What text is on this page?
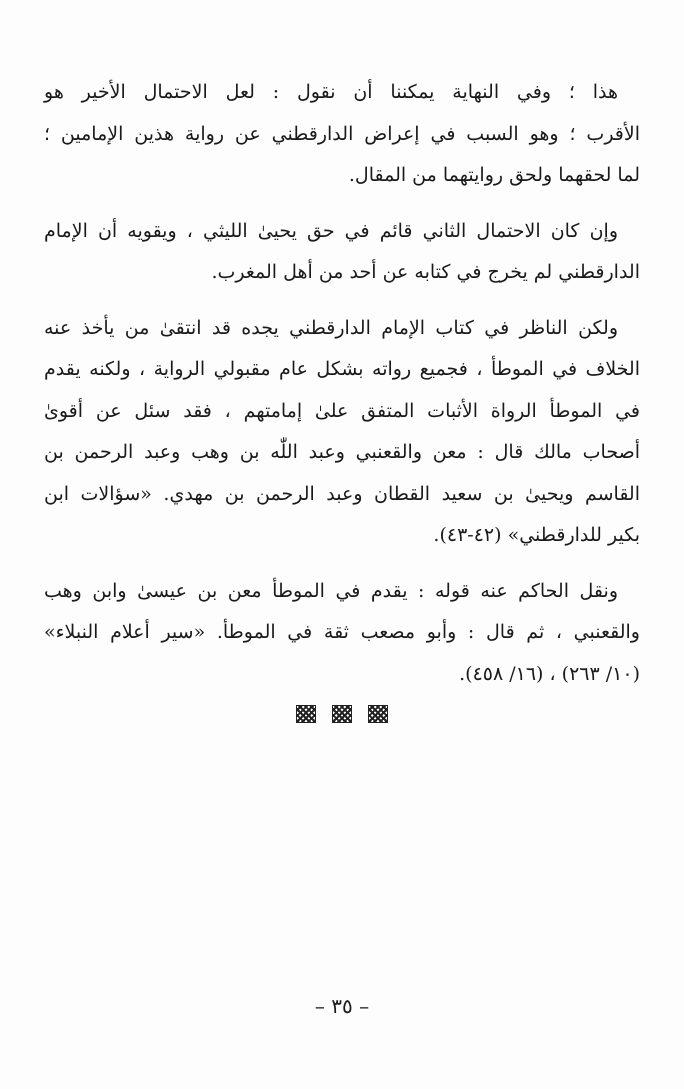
هذا ؛ وفي النهاية يمكننا أن نقول : لعل الاحتمال الأخير هو
الأقرب ؛ وهو السبب في إعراض الدارقطني عن رواية هذين الإمامين ؛
لما لحقهما ولحق روايتهما من المقال.

وإن كان الاحتمال الثاني قائم في حق يحيىٰ الليثي ، ويقويه أن الإمام
الدارقطني لم يخرج في كتابه عن أحد من أهل المغرب.

ولكن الناظر في كتاب الإمام الدارقطني يجده قد انتقىٰ من يأخذ عنه
الخلاف في الموطأ ، فجميع رواته بشكل عام مقبولي الرواية ، ولكنه يقدم
في الموطأ الرواة الأثبات المتفق علىٰ إمامتهم ، فقد سئل عن أقوىٰ
أصحاب مالك قال : معن والقعنبي وعبد اللّٰه بن وهب وعبد الرحمن بن
القاسم ويحيىٰ بن سعيد القطان وعبد الرحمن بن مهدي. «سؤالات ابن
بكير للدارقطني» (٤٢-٤٣).

ونقل الحاكم عنه قوله : يقدم في الموطأ معن بن عيسىٰ وابن وهب
والقعنبي ، ثم قال : وأبو مصعب ثقة في الموطأ. «سير أعلام النبلاء»
(١٠/ ٢٦٣) ، (١٦/ ٤٥٨).

– ٣٥ –
